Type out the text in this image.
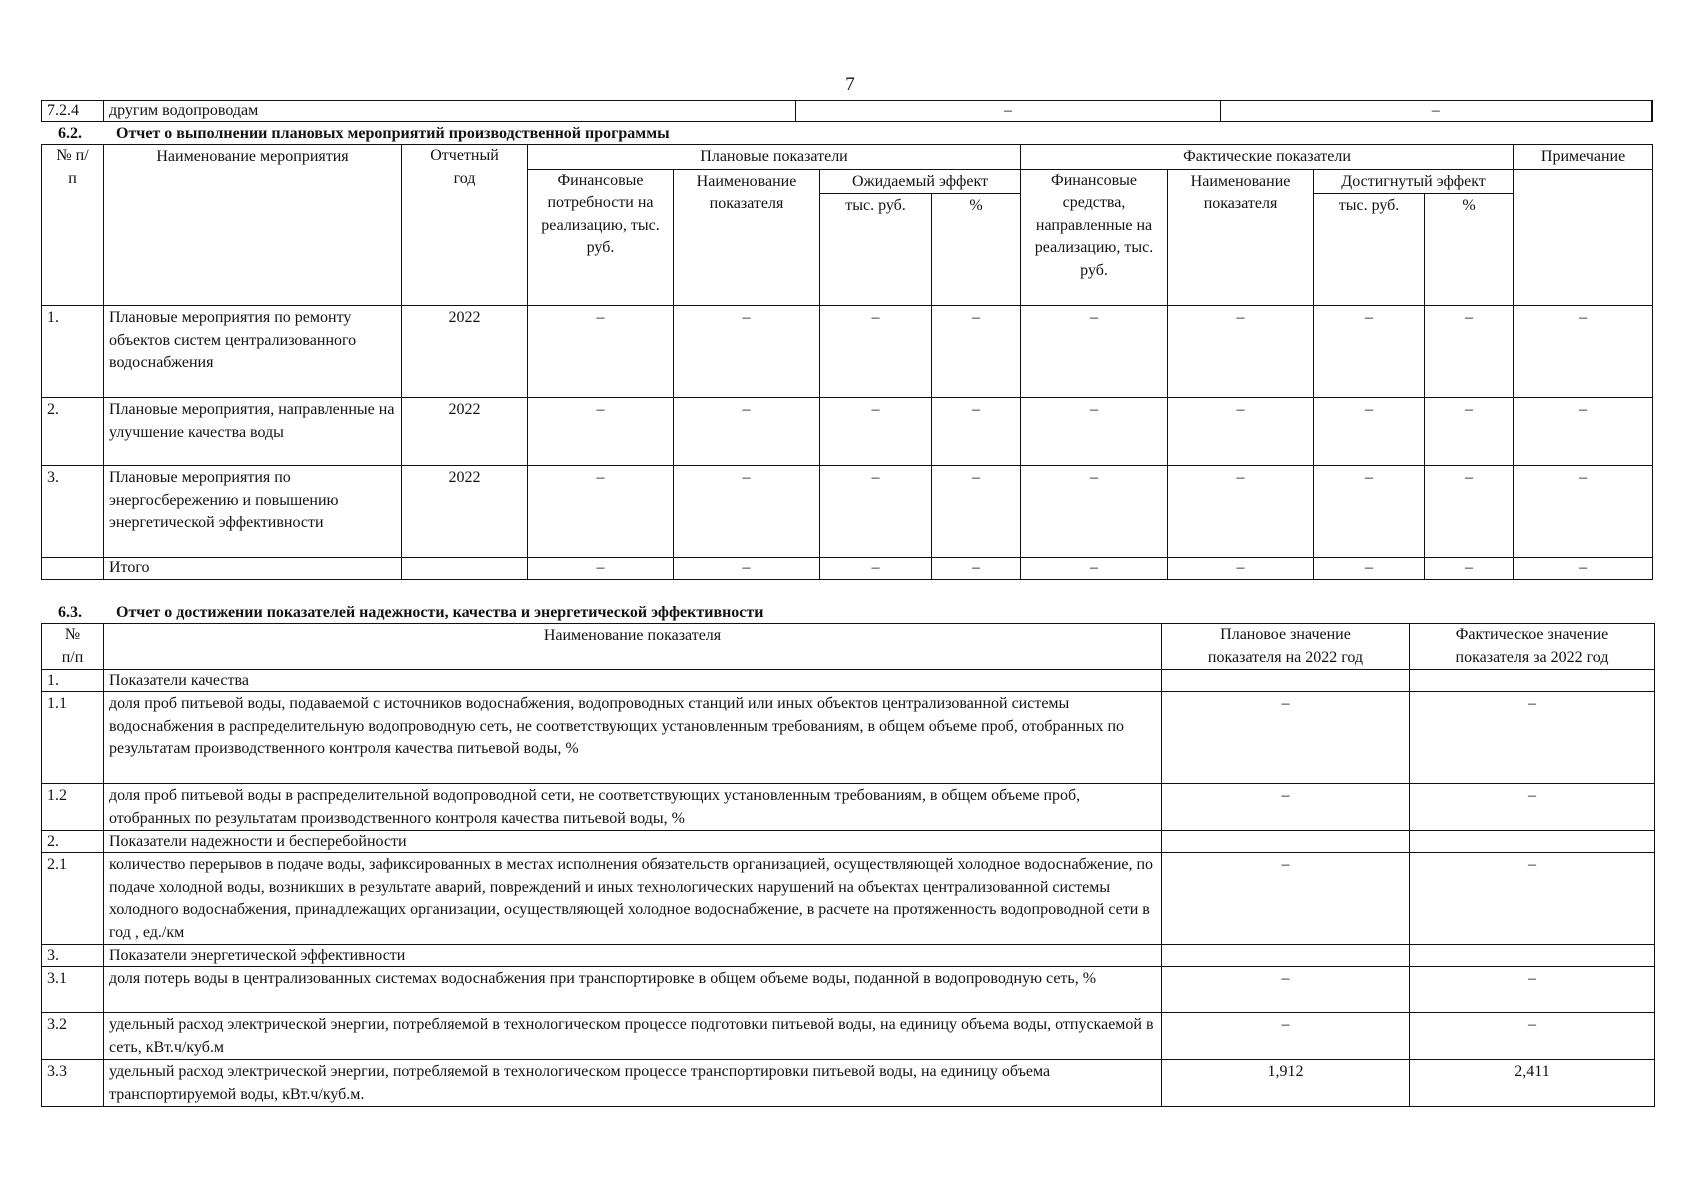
7
7.2.4	другим водопроводам	–	–
6.2. Отчет о выполнении плановых мероприятий производственной программы
№ п/п	Наименование мероприятия	Отчетный год	Плановые показатели				Фактические показатели				Примечание
			Финансовые потребности на реализацию, тыс. руб.	Наименование показателя	Ожидаемый эффект		Финансовые средства, направленные на реализацию, тыс. руб.	Наименование показателя	Достигнутый эффект		
					тыс. руб.	%			тыс. руб.	%	
1.	Плановые мероприятия по ремонту объектов систем централизованного водоснабжения	2022	–	–	–	–	–	–	–	–	–
2.	Плановые мероприятия, направленные на улучшение качества воды	2022	–	–	–	–	–	–	–	–	–
3.	Плановые мероприятия по энергосбережению и повышению энергетической эффективности	2022	–	–	–	–	–	–	–	–	–
	Итого		–	–	–	–	–	–	–	–	–
6.3. Отчет о достижении показателей надежности, качества и энергетической эффективности
№ п/п	Наименование показателя	Плановое значение показателя на 2022 год	Фактическое значение показателя за 2022 год
1.	Показатели качества		
1.1	доля проб питьевой воды, подаваемой с источников водоснабжения, водопроводных станций или иных объектов централизованной системы водоснабжения в распределительную водопроводную сеть, не соответствующих установленным требованиям, в общем объеме проб, отобранных по результатам производственного контроля качества питьевой воды, %	–	–
1.2	доля проб питьевой воды в распределительной водопроводной сети, не соответствующих установленным требованиям, в общем объеме проб, отобранных по результатам производственного контроля качества питьевой воды, %	–	–
2.	Показатели надежности и бесперебойности		
2.1	количество перерывов в подаче воды, зафиксированных в местах исполнения обязательств организацией, осуществляющей холодное водоснабжение, по подаче холодной воды, возникших в результате аварий, повреждений и иных технологических нарушений на объектах централизованной системы холодного водоснабжения, принадлежащих организации, осуществляющей холодное водоснабжение, в расчете на протяженность водопроводной сети в год , ед./км	–	–
3.	Показатели энергетической эффективности		
3.1	доля потерь воды в централизованных системах водоснабжения при транспортировке в общем объеме воды, поданной в водопроводную сеть, %	–	–
3.2	удельный расход электрической энергии, потребляемой в технологическом процессе подготовки питьевой воды, на единицу объема воды, отпускаемой в сеть, кВт.ч/куб.м	–	–
3.3	удельный расход электрической энергии, потребляемой в технологическом процессе транспортировки питьевой воды, на единицу объема транспортируемой воды, кВт.ч/куб.м.	1,912	2,411
